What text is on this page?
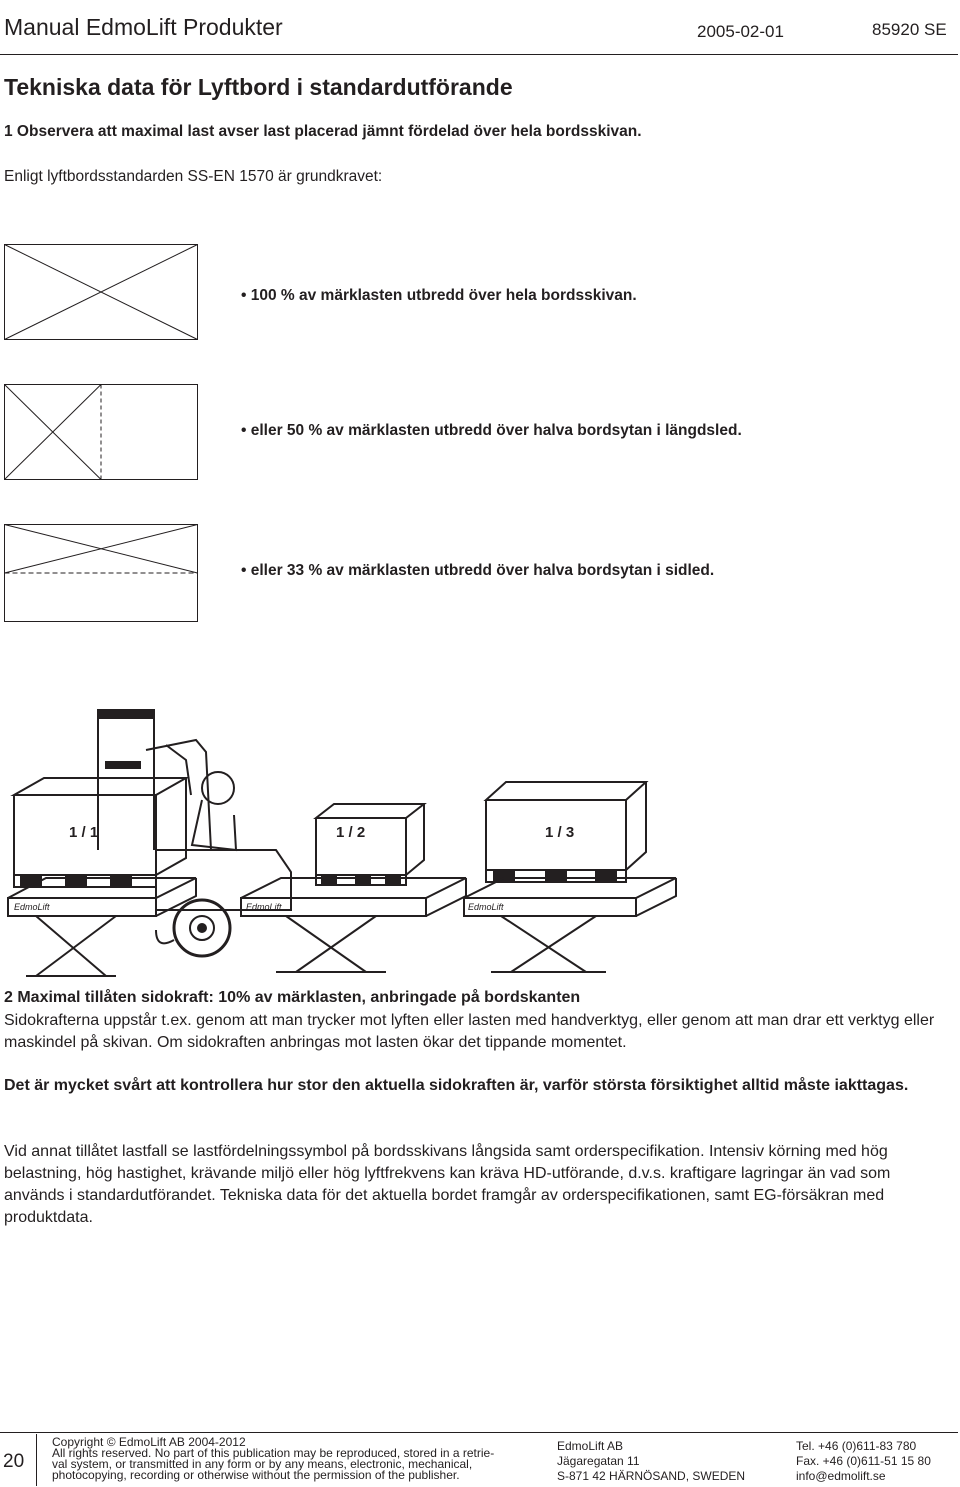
Manual EdmoLift Produkter	2005-02-01	85920 SE
Tekniska data för Lyftbord i standardutförande
1 Observera att maximal last avser last placerad jämnt fördelad över hela bordsskivan.
Enligt lyftbordsstandarden SS-EN 1570 är grundkravet:
• 100 % av märklasten utbredd över hela bordsskivan.
• eller 50 % av märklasten utbredd över halva bordsytan i längdsled.
• eller 33 % av märklasten utbredd över halva bordsytan i sidled.
1 / 1	1 / 2	1 / 3
EdmoLift	EdmoLift	EdmoLift
2 Maximal tillåten sidokraft: 10% av märklasten, anbringade på bordskanten

Sidokrafterna uppstår t.ex. genom att man trycker mot lyften eller lasten med handverktyg, eller genom att man drar ett verktyg eller maskindel på skivan. Om sidokraften anbringas mot lasten ökar det tippande momentet.

Det är mycket svårt att kontrollera hur stor den aktuella sidokraften är, varför största försiktighet alltid måste iakttagas.

Vid annat tillåtet lastfall se lastfördelningssymbol på bordsskivans långsida samt orderspecifikation. Intensiv körning med hög belastning, hög hastighet, krävande miljö eller hög lyftfrekvens kan kräva HD-utförande, d.v.s. kraftigare lagringar än vad som används i standardutförandet. Tekniska data för det aktuella bordet framgår av orderspecifikationen, samt EG-försäkran med produktdata.

20
Copyright © EdmoLift AB 2004-2012
All rights reserved. No part of this publication may be reproduced, stored in a retrie-
val system, or transmitted in any form or by any means, electronic, mechanical,
photocopying, recording or otherwise without the permission of the publisher.
EdmoLift AB
Jägaregatan 11
S-871 42 HÄRNÖSAND, SWEDEN
Tel. +46 (0)611-83 780
Fax. +46 (0)611-51 15 80
info@edmolift.se
